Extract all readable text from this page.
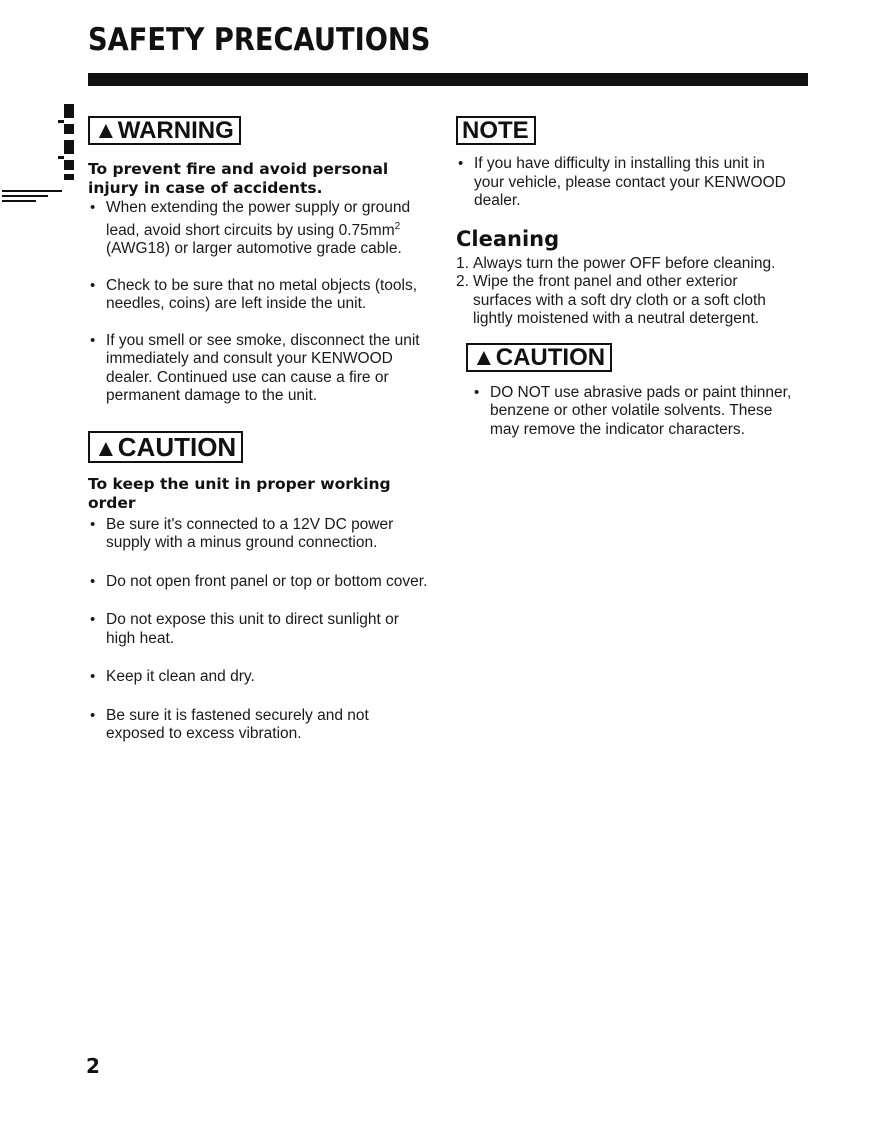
SAFETY PRECAUTIONS
▲WARNING

To prevent fire and avoid personal injury in case of accidents.

• When extending the power supply or ground lead, avoid short circuits by using $0.75mm^2$ (AWG18) or larger automotive grade cable.
• Check to be sure that no metal objects (tools, needles, coins) are left inside the unit.
• If you smell or see smoke, disconnect the unit immediately and consult your KENWOOD dealer. Continued use can cause a fire or permanent damage to the unit.
▲CAUTION

To keep the unit in proper working order

• Be sure it's connected to a 12V DC power supply with a minus ground connection.
• Do not open front panel or top or bottom cover.
• Do not expose this unit to direct sunlight or high heat.
• Keep it clean and dry.
• Be sure it is fastened securely and not exposed to excess vibration.
NOTE
• If you have difficulty in installing this unit in your vehicle, please contact your KENWOOD dealer.
Cleaning
1. Always turn the power OFF before cleaning.
2. Wipe the front panel and other exterior surfaces with a soft dry cloth or a soft cloth lightly moistened with a neutral detergent.
▲CAUTION
• DO NOT use abrasive pads or paint thinner, benzene or other volatile solvents. These may remove the indicator characters.
2
